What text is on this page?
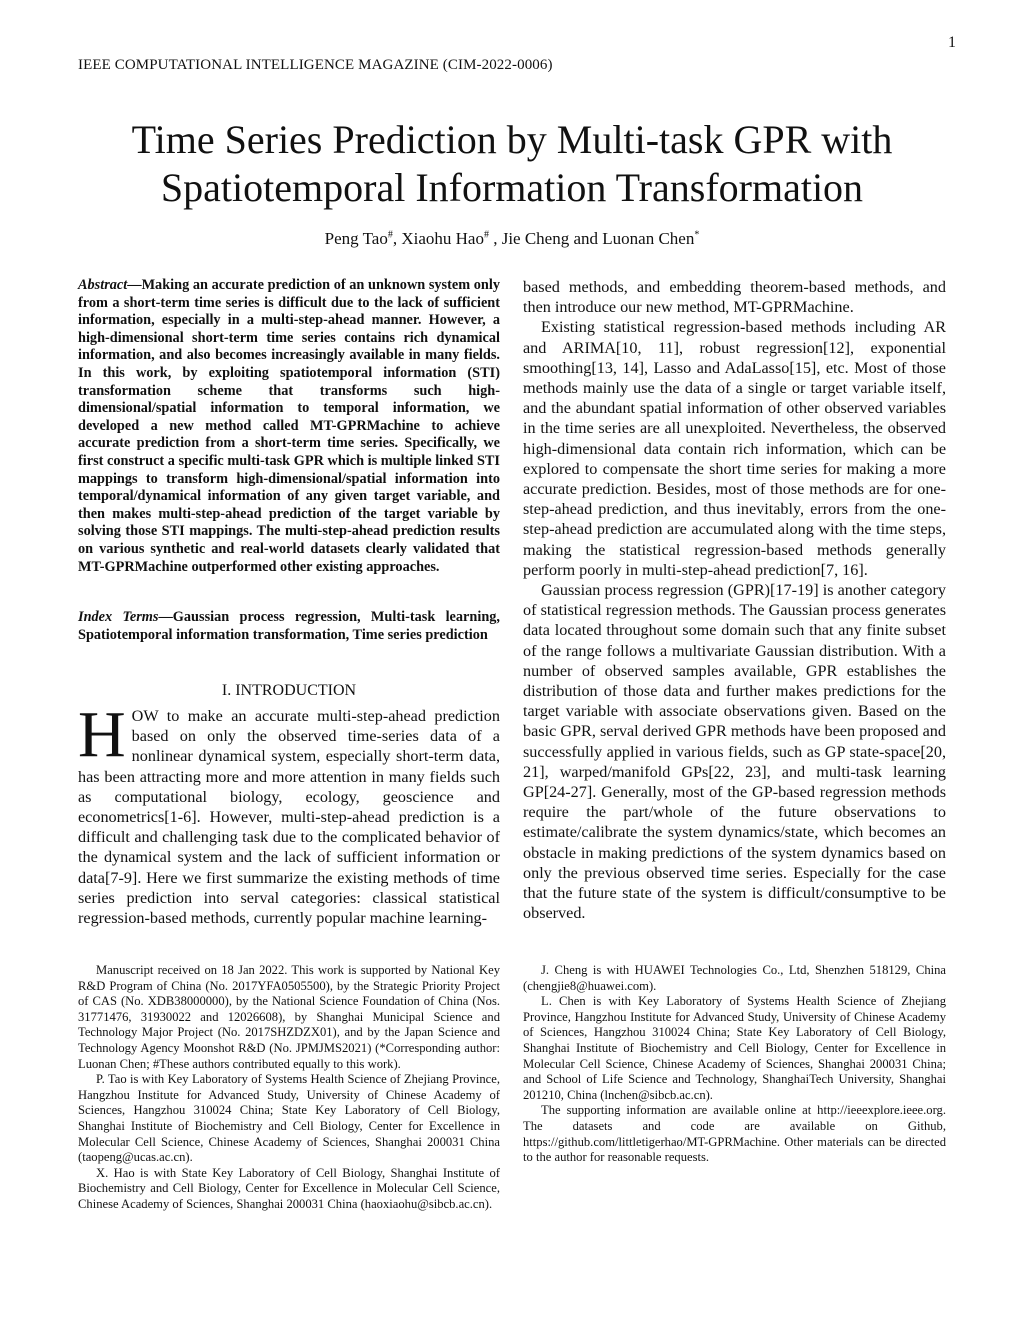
1
IEEE COMPUTATIONAL INTELLIGENCE MAGAZINE (CIM-2022-0006)
Time Series Prediction by Multi-task GPR with
Spatiotemporal Information Transformation
Peng Tao#, Xiaohu Hao# , Jie Cheng and Luonan Chen*
Abstract—Making an accurate prediction of an unknown system only from a short-term time series is difficult due to the lack of sufficient information, especially in a multi-step-ahead manner. However, a high-dimensional short-term time series contains rich dynamical information, and also becomes increasingly available in many fields. In this work, by exploiting spatiotemporal information (STI) transformation scheme that transforms such high-dimensional/spatial information to temporal information, we developed a new method called MT-GPRMachine to achieve accurate prediction from a short-term time series. Specifically, we first construct a specific multi-task GPR which is multiple linked STI mappings to transform high-dimensional/spatial information into temporal/dynamical information of any given target variable, and then makes multi-step-ahead prediction of the target variable by solving those STI mappings. The multi-step-ahead prediction results on various synthetic and real-world datasets clearly validated that MT-GPRMachine outperformed other existing approaches.
Index Terms—Gaussian process regression, Multi-task learning, Spatiotemporal information transformation, Time series prediction
I. INTRODUCTION

HOW to make an accurate multi-step-ahead prediction based on only the observed time-series data of a nonlinear dynamical system, especially short-term data, has been attracting more and more attention in many fields such as computational biology, ecology, geoscience and econometrics[1-6]. However, multi-step-ahead prediction is a difficult and challenging task due to the complicated behavior of the dynamical system and the lack of sufficient information or data[7-9]. Here we first summarize the existing methods of time series prediction into serval categories: classical statistical regression-based methods, currently popular machine learning-

based methods, and embedding theorem-based methods, and then introduce our new method, MT-GPRMachine.

Existing statistical regression-based methods including AR and ARIMA[10, 11], robust regression[12], exponential smoothing[13, 14], Lasso and AdaLasso[15], etc. Most of those methods mainly use the data of a single or target variable itself, and the abundant spatial information of other observed variables in the time series are all unexploited. Nevertheless, the observed high-dimensional data contain rich information, which can be explored to compensate the short time series for making a more accurate prediction. Besides, most of those methods are for one-step-ahead prediction, and thus inevitably, errors from the one-step-ahead prediction are accumulated along with the time steps, making the statistical regression-based methods generally perform poorly in multi-step-ahead prediction[7, 16].

Gaussian process regression (GPR)[17-19] is another category of statistical regression methods. The Gaussian process generates data located throughout some domain such that any finite subset of the range follows a multivariate Gaussian distribution. With a number of observed samples available, GPR establishes the distribution of those data and further makes predictions for the target variable with associate observations given. Based on the basic GPR, serval derived GPR methods have been proposed and successfully applied in various fields, such as GP state-space[20, 21], warped/manifold GPs[22, 23], and multi-task learning GP[24-27]. Generally, most of the GP-based regression methods require the part/whole of the future observations to estimate/calibrate the system dynamics/state, which becomes an obstacle in making predictions of the system dynamics based on only the previous observed time series. Especially for the case that the future state of the system is difficult/consumptive to be observed.

Manuscript received on 18 Jan 2022. This work is supported by National Key R&D Program of China (No. 2017YFA0505500), by the Strategic Priority Project of CAS (No. XDB38000000), by the National Science Foundation of China (Nos. 31771476, 31930022 and 12026608), by Shanghai Municipal Science and Technology Major Project (No. 2017SHZDZX01), and by the Japan Science and Technology Agency Moonshot R&D (No. JPMJMS2021) (*Corresponding author: Luonan Chen; #These authors contributed equally to this work).

P. Tao is with Key Laboratory of Systems Health Science of Zhejiang Province, Hangzhou Institute for Advanced Study, University of Chinese Academy of Sciences, Hangzhou 310024 China; State Key Laboratory of Cell Biology, Shanghai Institute of Biochemistry and Cell Biology, Center for Excellence in Molecular Cell Science, Chinese Academy of Sciences, Shanghai 200031 China (taopeng@ucas.ac.cn).

X. Hao is with State Key Laboratory of Cell Biology, Shanghai Institute of Biochemistry and Cell Biology, Center for Excellence in Molecular Cell Science, Chinese Academy of Sciences, Shanghai 200031 China (haoxiaohu@sibcb.ac.cn).

J. Cheng is with HUAWEI Technologies Co., Ltd, Shenzhen 518129, China (chengjie8@huawei.com).

L. Chen is with Key Laboratory of Systems Health Science of Zhejiang Province, Hangzhou Institute for Advanced Study, University of Chinese Academy of Sciences, Hangzhou 310024 China; State Key Laboratory of Cell Biology, Shanghai Institute of Biochemistry and Cell Biology, Center for Excellence in Molecular Cell Science, Chinese Academy of Sciences, Shanghai 200031 China; and School of Life Science and Technology, ShanghaiTech University, Shanghai 201210, China (lnchen@sibcb.ac.cn).

The supporting information are available online at http://ieeexplore.ieee.org. The datasets and code are available on Github, https://github.com/littletigerhao/MT-GPRMachine. Other materials can be directed to the author for reasonable requests.
